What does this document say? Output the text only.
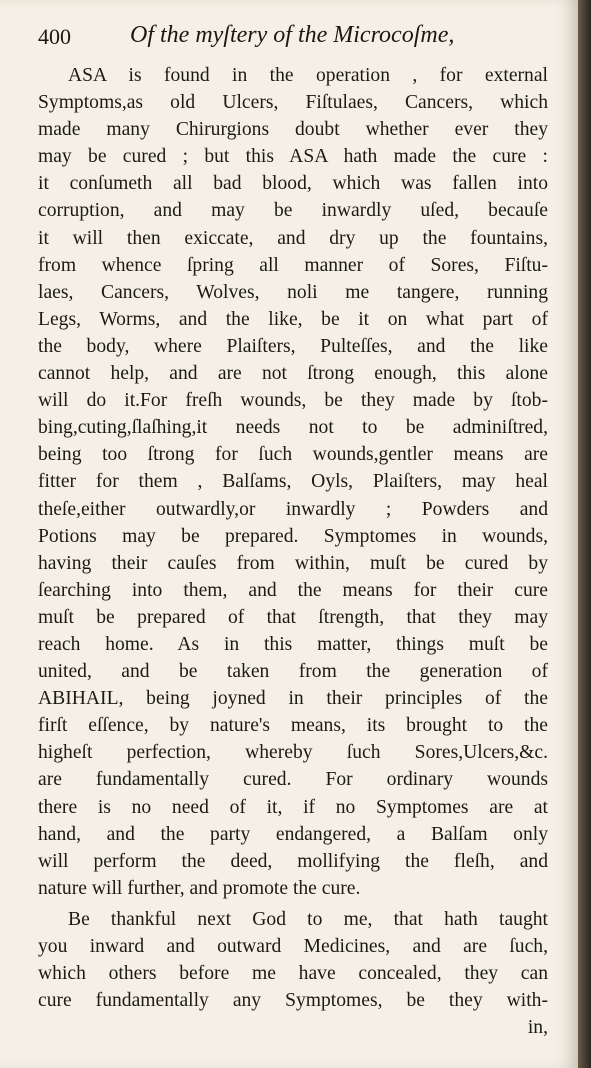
400 Of the myſtery of the Microcoſme,
ASA is found in the operation , for external
Symptoms,as old Ulcers, Fiſtulaes, Cancers, which
made many Chirurgions doubt whether ever they
may be cured ; but this ASA hath made the cure :
it conſumeth all bad blood, which was fallen into
corruption, and may be inwardly uſed, becauſe
it will then exiccate, and dry up the fountains,
from whence ſpring all manner of Sores, Fiſtu-
laes, Cancers, Wolves, noli me tangere, running
Legs, Worms, and the like, be it on what part of
the body, where Plaiſters, Pulteſſes, and the like
cannot help, and are not ſtrong enough, this alone
will do it.For freſh wounds, be they made by ſtob-
bing,cuting,ſlaſhing,it needs not to be adminiſtred,
being too ſtrong for ſuch wounds,gentler means are
fitter for them , Balſams, Oyls, Plaiſters, may heal
theſe,either outwardly,or inwardly ; Powders and
Potions may be prepared. Symptomes in wounds,
having their cauſes from within, muſt be cured by
ſearching into them, and the means for their cure
muſt be prepared of that ſtrength, that they may
reach home. As in this matter, things muſt be
united, and be taken from the generation of
ABIHAIL, being joyned in their principles of the
firſt eſſence, by nature's means, its brought to the
higheſt perfection, whereby ſuch Sores,Ulcers,&c.
are fundamentally cured. For ordinary wounds
there is no need of it, if no Symptomes are at
hand, and the party endangered, a Balſam only
will perform the deed, mollifying the fleſh, and
nature will further, and promote the cure.
Be thankful next God to me, that hath taught
you inward and outward Medicines, and are ſuch,
which others before me have concealed, they can
cure fundamentally any Symptomes, be they with-
in,
